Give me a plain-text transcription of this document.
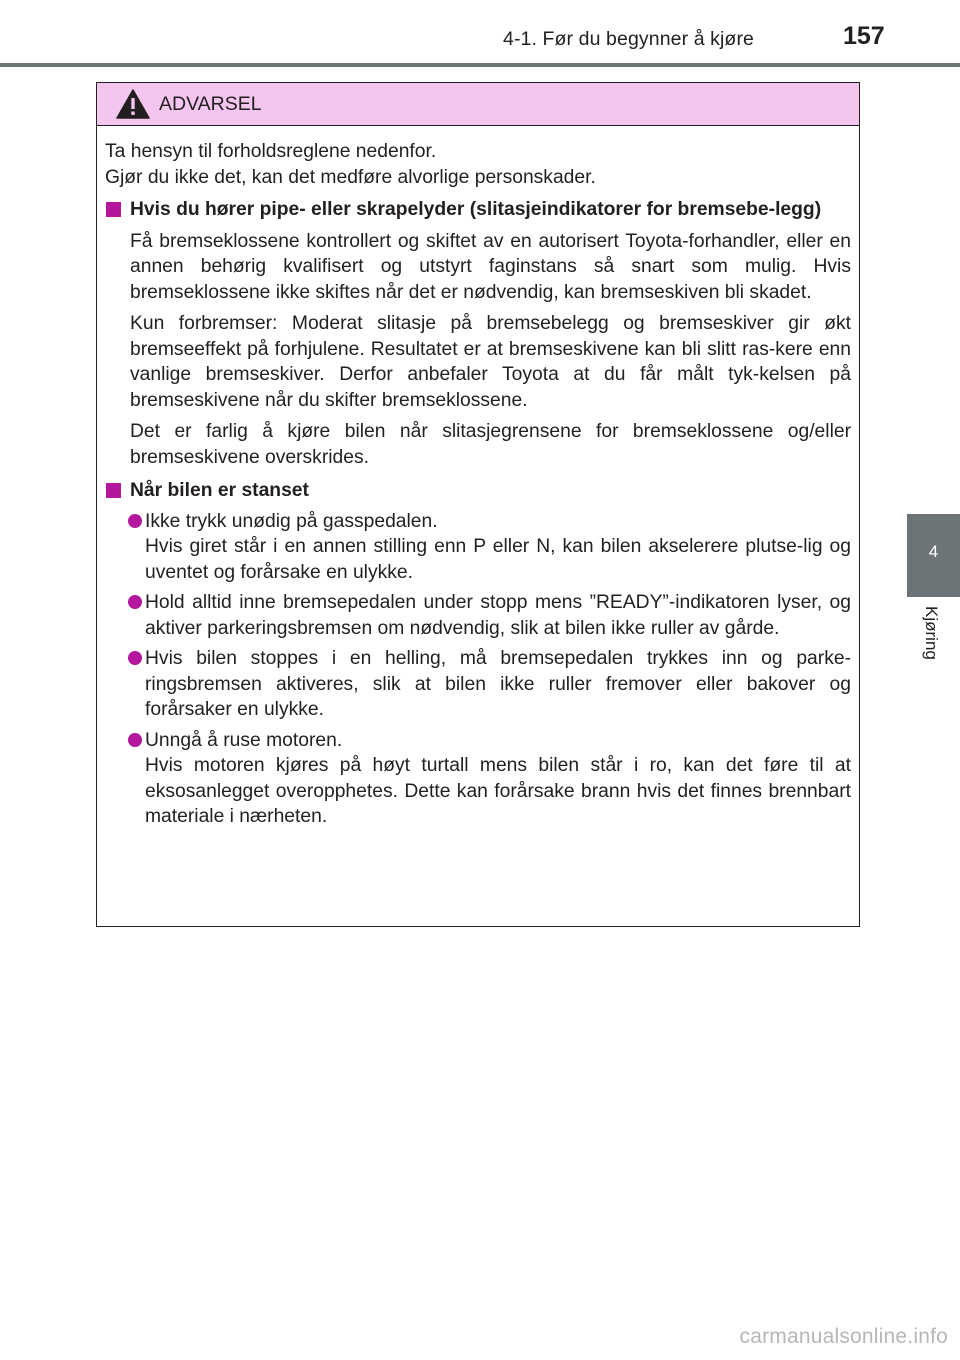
4-1. Før du begynner å kjøre	157
4
Kjøring
ADVARSEL

Ta hensyn til forholdsreglene nedenfor.

Gjør du ikke det, kan det medføre alvorlige personskader.

Hvis du hører pipe- eller skrapelyder (slitasjeindikatorer for bremsebe-legg)

Få bremseklossene kontrollert og skiftet av en autorisert Toyota-forhandler, eller en annen behørig kvalifisert og utstyrt faginstans så snart som mulig. Hvis bremseklossene ikke skiftes når det er nødvendig, kan bremseskiven bli skadet.

Kun forbremser: Moderat slitasje på bremsebelegg og bremseskiver gir økt bremseeffekt på forhjulene. Resultatet er at bremseskivene kan bli slitt ras-kere enn vanlige bremseskiver. Derfor anbefaler Toyota at du får målt tyk-kelsen på bremseskivene når du skifter bremseklossene.

Det er farlig å kjøre bilen når slitasjegrensene for bremseklossene og/eller bremseskivene overskrides.

Når bilen er stanset

Ikke trykk unødig på gasspedalen.

Hvis giret står i en annen stilling enn P eller N, kan bilen akselerere plutse-lig og uventet og forårsake en ulykke.

Hold alltid inne bremsepedalen under stopp mens ”READY”-indikatoren lyser, og aktiver parkeringsbremsen om nødvendig, slik at bilen ikke ruller av gårde.

Hvis bilen stoppes i en helling, må bremsepedalen trykkes inn og parke-ringsbremsen aktiveres, slik at bilen ikke ruller fremover eller bakover og forårsaker en ulykke.

Unngå å ruse motoren.

Hvis motoren kjøres på høyt turtall mens bilen står i ro, kan det føre til at eksosanlegget overopphetes. Dette kan forårsake brann hvis det finnes brennbart materiale i nærheten.

carmanualsonline.info
